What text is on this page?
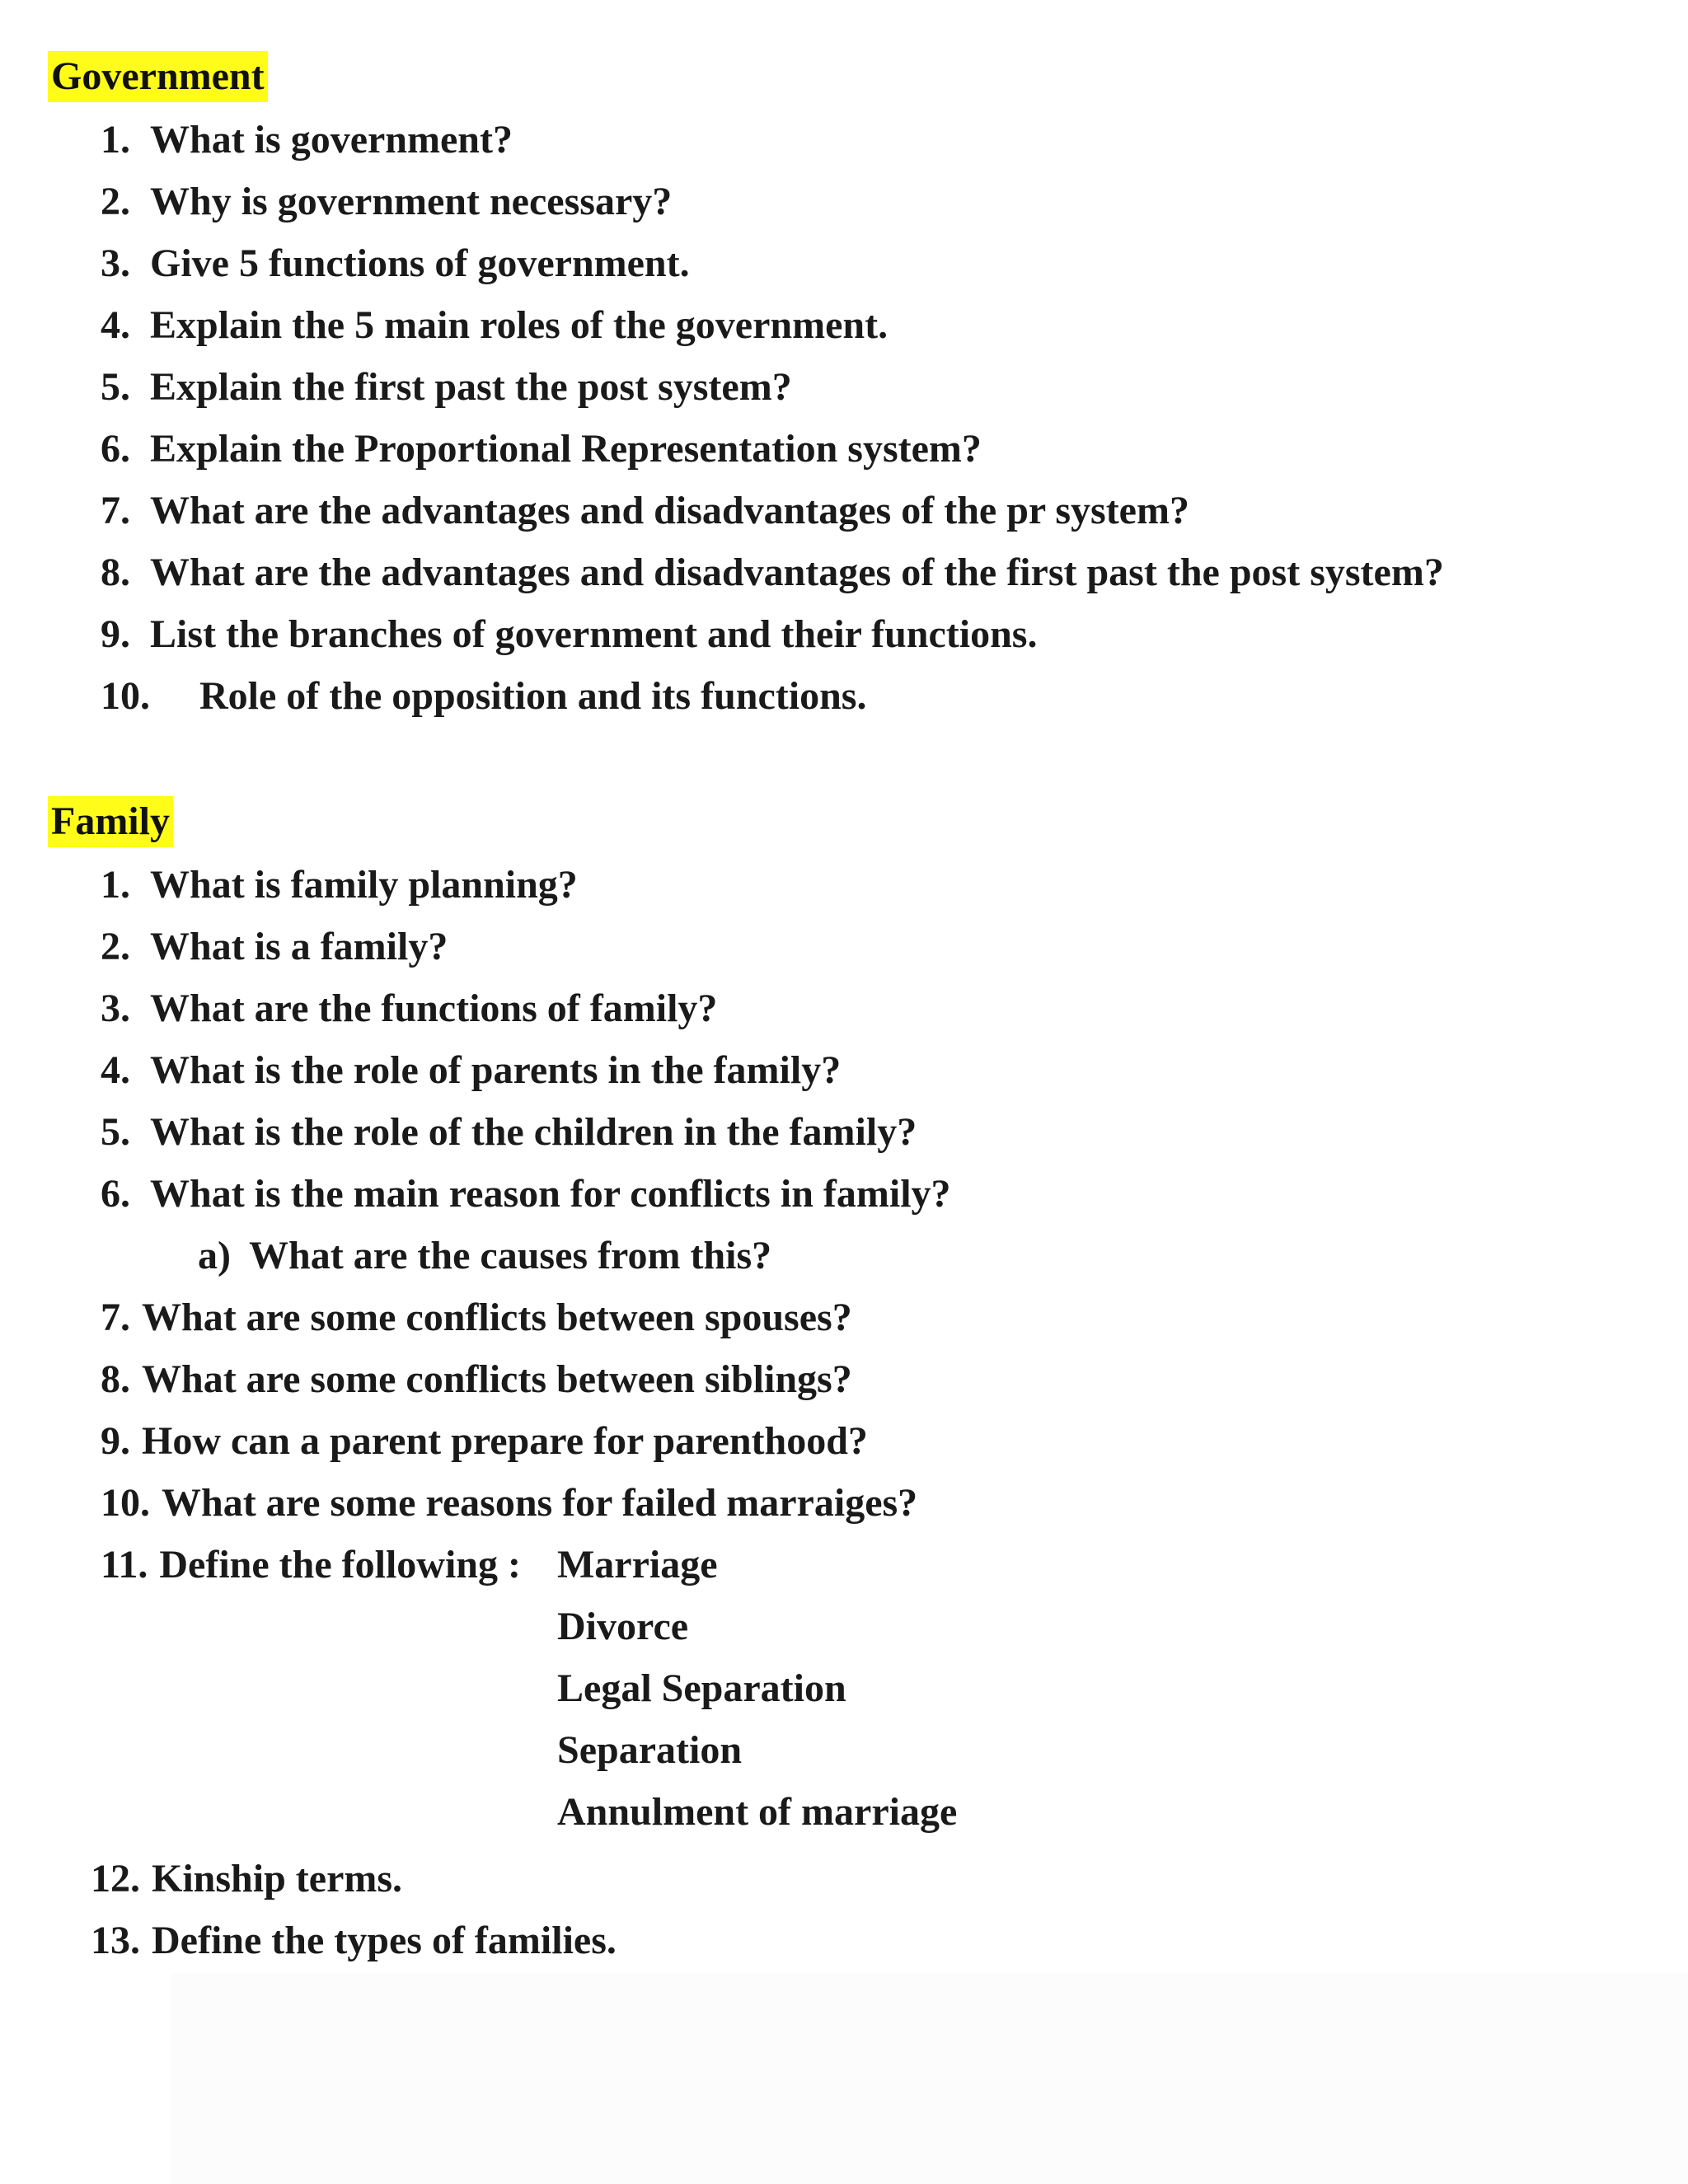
Government
1. What is government?
2. Why is government necessary?
3. Give 5 functions of government.
4. Explain the 5 main roles of the government.
5. Explain the first past the post system?
6. Explain the Proportional Representation system?
7. What are the advantages and disadvantages of the pr system?
8. What are the advantages and disadvantages of the first past the post system?
9. List the branches of government and their functions.
10. Role of the opposition and its functions.
Family
1. What is family planning?
2. What is a family?
3. What are the functions of family?
4. What is the role of parents in the family?
5. What is the role of the children in the family?
6. What is the main reason for conflicts in family?
a) What are the causes from this?
7. What are some conflicts between spouses?
8. What are some conflicts between siblings?
9. How can a parent prepare for parenthood?
10. What are some reasons for failed marraiges?
11. Define the following : Marriage
Divorce
Legal Separation
Separation
Annulment of marriage
12. Kinship terms.
13. Define the types of families.
